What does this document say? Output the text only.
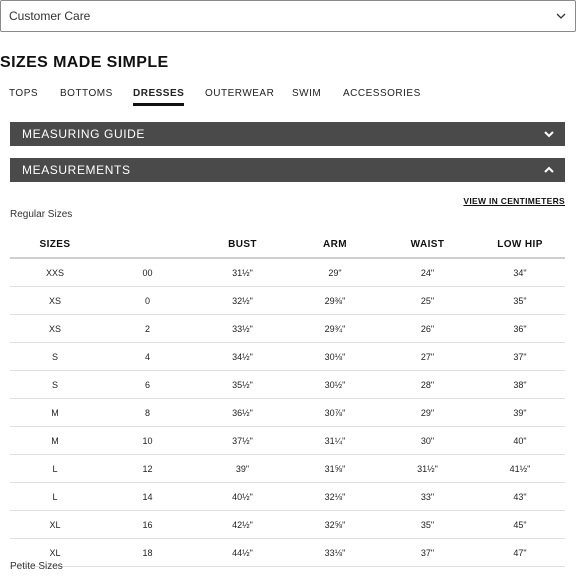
Customer Care
SIZES MADE SIMPLE
TOPS BOTTOMS DRESSES OUTERWEAR SWIM ACCESSORIES
MEASURING GUIDE
MEASUREMENTS
VIEW IN CENTIMETERS
Regular Sizes
SIZES		BUST	ARM	WAIST	LOW HIP
XXS	00	31½"	29"	24"	34"
XS	0	32½"	29⅜"	25"	35"
XS	2	33½"	29¾"	26"	36"
S	4	34½"	30⅛"	27"	37"
S	6	35½"	30½"	28"	38"
M	8	36½"	30⅞"	29"	39"
M	10	37½"	31¼"	30"	40"
L	12	39"	31⅝"	31½"	41½"
L	14	40½"	32⅛"	33"	43"
XL	16	42½"	32⅝"	35"	45"
XL	18	44½"	33⅛"	37"	47"
Petite Sizes
